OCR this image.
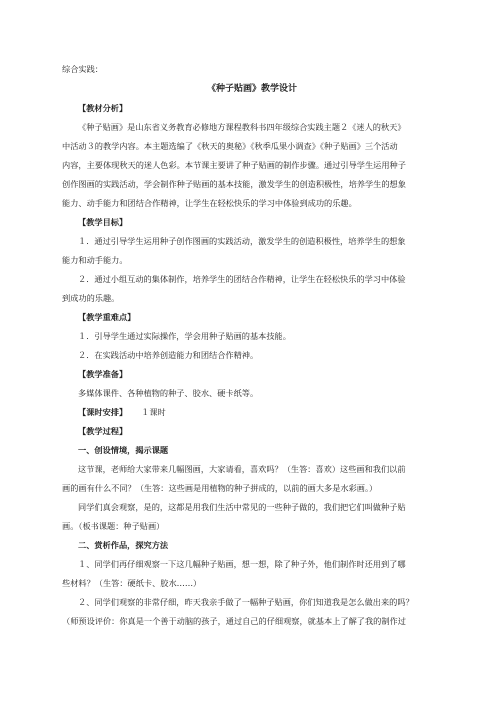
综合实践：

《种子贴画》教学设计

【教材分析】

《种子贴画》是山东省义务教育必修地方课程教科书四年级综合实践主题２《迷人的秋天》

中活动３的教学内容。本主题选编了《秋天的奥秘》《秋季瓜果小调查》《种子贴画》三个活动

内容，主要体现秋天的迷人色彩。本节课主要讲了种子贴画的制作步骤。通过引导学生运用种子

创作图画的实践活动，学会制作种子贴画的基本技能，激发学生的创造积极性，培养学生的想象

能力、动手能力和团结合作精神，让学生在轻松快乐的学习中体验到成功的乐趣。

【教学目标】

１．通过引导学生运用种子创作图画的实践活动，激发学生的创造积极性，培养学生的想象

能力和动手能力。

２．通过小组互动的集体制作，培养学生的团结合作精神，让学生在轻松快乐的学习中体验

到成功的乐趣。

【教学重难点】

１．引导学生通过实际操作，学会用种子贴画的基本技能。

２．在实践活动中培养创造能力和团结合作精神。

【教学准备】

多媒体课件、各种植物的种子、胶水、硬卡纸等。

【课时安排】 １课时

【教学过程】

一、创设情境，揭示课题

这节课，老师给大家带来几幅图画，大家请看，喜欢吗？（生答：喜欢）这些画和我们以前

画的画有什么不同？（生答：这些画是用植物的种子拼成的，以前的画大多是水彩画。）

同学们真会观察，是的，这都是用我们生活中常见的一些种子做的，我们把它们叫做种子贴

画。（板书课题：种子贴画）

二、赏析作品，探究方法

１、同学们再仔细观察一下这几幅种子贴画，想一想，除了种子外，他们制作时还用到了哪

些材料？（生答：硬纸卡、胶水……）

２、同学们观察的非常仔细，昨天我亲手做了一幅种子贴画，你们知道我是怎么做出来的吗？

（师预设评价：你真是一个善于动脑的孩子，通过自己的仔细观察，就基本上了解了我的制作过
